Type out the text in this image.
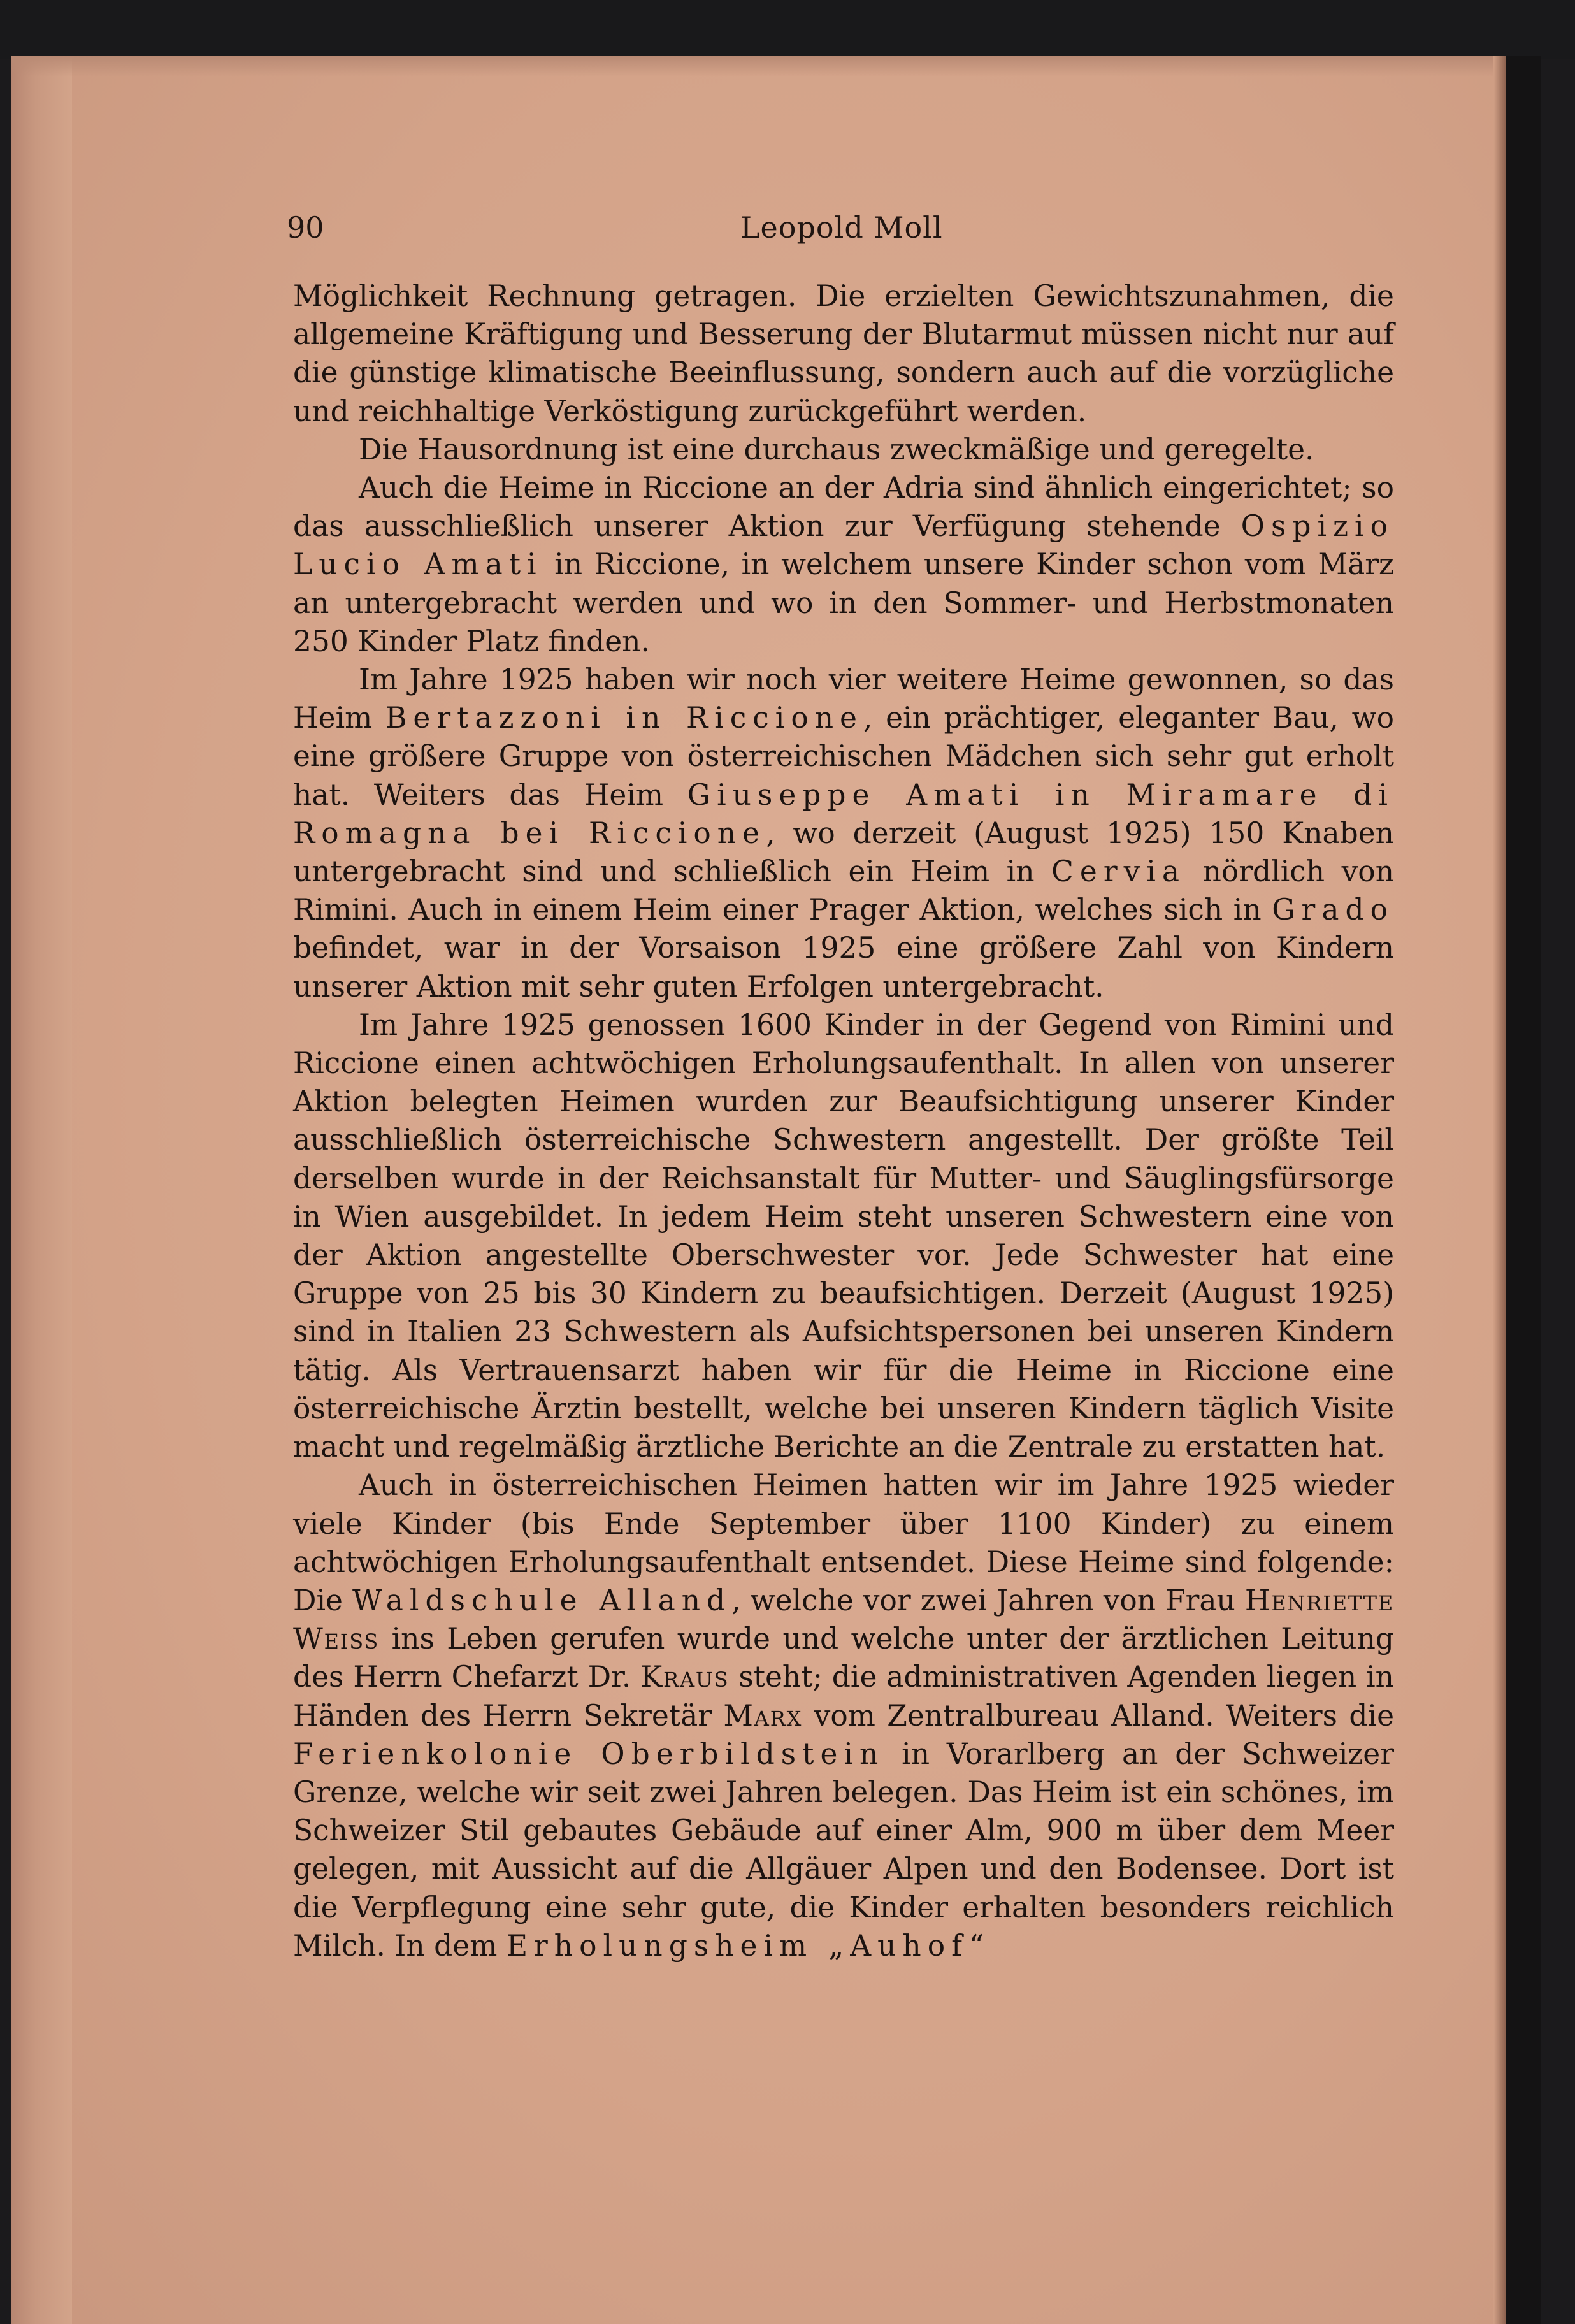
90	Leopold Moll

Möglichkeit Rechnung getragen. Die erzielten Gewichtszunahmen, die allgemeine Kräftigung und Besserung der Blutarmut müssen nicht nur auf die günstige klimatische Beeinflussung, sondern auch auf die vorzügliche und reichhaltige Verköstigung zurückgeführt werden.

Die Hausordnung ist eine durchaus zweckmäßige und geregelte.

Auch die Heime in Riccione an der Adria sind ähnlich eingerichtet; so das ausschließlich unserer Aktion zur Verfügung stehende Ospizio Lucio Amati in Riccione, in welchem unsere Kinder schon vom März an untergebracht werden und wo in den Sommer- und Herbstmonaten 250 Kinder Platz finden.

Im Jahre 1925 haben wir noch vier weitere Heime gewonnen, so das Heim Bertazzoni in Riccione, ein prächtiger, eleganter Bau, wo eine größere Gruppe von österreichischen Mädchen sich sehr gut erholt hat. Weiters das Heim Giuseppe Amati in Miramare di Romagna bei Riccione, wo derzeit (August 1925) 150 Knaben untergebracht sind und schließlich ein Heim in Cervia nördlich von Rimini. Auch in einem Heim einer Prager Aktion, welches sich in Grado befindet, war in der Vorsaison 1925 eine größere Zahl von Kindern unserer Aktion mit sehr guten Erfolgen untergebracht.

Im Jahre 1925 genossen 1600 Kinder in der Gegend von Rimini und Riccione einen achtwöchigen Erholungsaufenthalt. In allen von unserer Aktion belegten Heimen wurden zur Beaufsichtigung unserer Kinder ausschließlich österreichische Schwestern angestellt. Der größte Teil derselben wurde in der Reichsanstalt für Mutter- und Säuglingsfürsorge in Wien ausgebildet. In jedem Heim steht unseren Schwestern eine von der Aktion angestellte Oberschwester vor. Jede Schwester hat eine Gruppe von 25 bis 30 Kindern zu beaufsichtigen. Derzeit (August 1925) sind in Italien 23 Schwestern als Aufsichtspersonen bei unseren Kindern tätig. Als Vertrauensarzt haben wir für die Heime in Riccione eine österreichische Ärztin bestellt, welche bei unseren Kindern täglich Visite macht und regelmäßig ärztliche Berichte an die Zentrale zu erstatten hat.

Auch in österreichischen Heimen hatten wir im Jahre 1925 wieder viele Kinder (bis Ende September über 1100 Kinder) zu einem achtwöchigen Erholungsaufenthalt entsendet. Diese Heime sind folgende: Die Waldschule Alland, welche vor zwei Jahren von Frau Henriette Weiss ins Leben gerufen wurde und welche unter der ärztlichen Leitung des Herrn Chefarzt Dr. Kraus steht; die administrativen Agenden liegen in Händen des Herrn Sekretär Marx vom Zentralbureau Alland. Weiters die Ferienkolonie Oberbildstein in Vorarlberg an der Schweizer Grenze, welche wir seit zwei Jahren belegen. Das Heim ist ein schönes, im Schweizer Stil gebautes Gebäude auf einer Alm, 900 m über dem Meer gelegen, mit Aussicht auf die Allgäuer Alpen und den Bodensee. Dort ist die Verpflegung eine sehr gute, die Kinder erhalten besonders reichlich Milch. In dem Erholungsheim „Auhof“
